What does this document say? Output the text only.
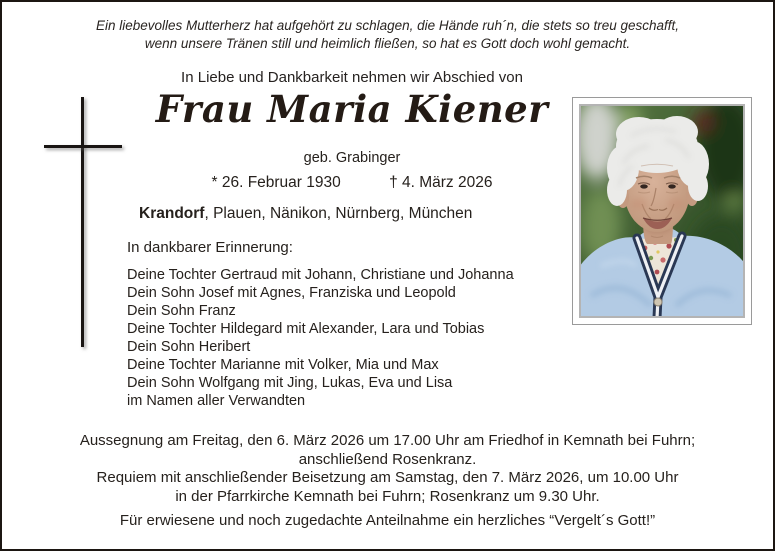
Ein liebevolles Mutterherz hat aufgehört zu schlagen, die Hände ruh´n, die stets so treu geschafft,
wenn unsere Tränen still und heimlich fließen, so hat es Gott doch wohl gemacht.
In Liebe und Dankbarkeit nehmen wir Abschied von
Frau Maria Kiener
geb. Grabinger
* 26. Februar 1930	† 4. März 2026
Krandorf, Plauen, Nänikon, Nürnberg, München
In dankbarer Erinnerung:
Deine Tochter Gertraud mit Johann, Christiane und Johanna
Dein Sohn Josef mit Agnes, Franziska und Leopold
Dein Sohn Franz
Deine Tochter Hildegard mit Alexander, Lara und Tobias
Dein Sohn Heribert
Deine Tochter Marianne mit Volker, Mia und Max
Dein Sohn Wolfgang mit Jing, Lukas, Eva und Lisa
im Namen aller Verwandten
Aussegnung am Freitag, den 6. März 2026 um 17.00 Uhr am Friedhof in Kemnath bei Fuhrn;
anschließend Rosenkranz.
Requiem mit anschließender Beisetzung am Samstag, den 7. März 2026, um 10.00 Uhr
in der Pfarrkirche Kemnath bei Fuhrn; Rosenkranz um 9.30 Uhr.
Für erwiesene und noch zugedachte Anteilnahme ein herzliches “Vergelt´s Gott!”
